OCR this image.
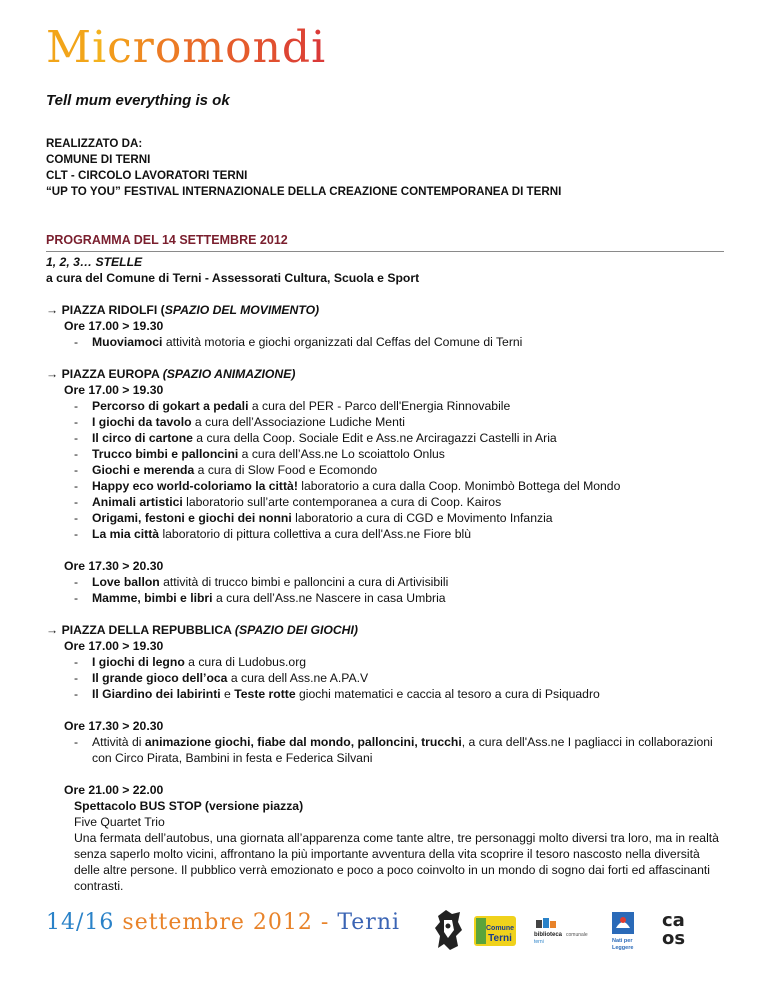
Micromondi
Tell mum everything is ok
REALIZZATO DA:
COMUNE DI TERNI
CLT - CIRCOLO LAVORATORI TERNI
“UP TO YOU” FESTIVAL INTERNAZIONALE DELLA CREAZIONE CONTEMPORANEA DI TERNI
PROGRAMMA DEL 14 SETTEMBRE 2012
1, 2, 3… STELLE
a cura del Comune di Terni - Assessorati Cultura, Scuola e Sport
→ PIAZZA RIDOLFI (SPAZIO DEL MOVIMENTO)
Ore 17.00 > 19.30
- Muoviamoci attività motoria e giochi organizzati dal Ceffas del Comune di Terni
→ PIAZZA EUROPA (SPAZIO ANIMAZIONE)
Ore 17.00 > 19.30
- Percorso di gokart a pedali a cura del PER - Parco dell'Energia Rinnovabile
- I giochi da tavolo a cura dell’Associazione Ludiche Menti
- Il circo di cartone a cura della Coop. Sociale Edit e Ass.ne Arciragazzi Castelli in Aria
- Trucco bimbi e palloncini a cura dell’Ass.ne Lo scoiattolo Onlus
- Giochi e merenda a cura di Slow Food e Ecomondo
- Happy eco world-coloriamo la città! laboratorio a cura dalla Coop. Monimbò Bottega del Mondo
- Animali artistici laboratorio sull’arte contemporanea a cura di Coop. Kairos
- Origami, festoni e giochi dei nonni laboratorio a cura di CGD e Movimento Infanzia
- La mia città laboratorio di pittura collettiva a cura dell'Ass.ne Fiore blù
Ore 17.30 > 20.30
- Love ballon attività di trucco bimbi e palloncini a cura di Artivisibili
- Mamme, bimbi e libri a cura dell’Ass.ne Nascere in casa Umbria
→ PIAZZA DELLA REPUBBLICA (SPAZIO DEI GIOCHI)
Ore 17.00 > 19.30
- I giochi di legno a cura di Ludobus.org
- Il grande gioco dell’oca a cura dell Ass.ne A.PA.V
- Il Giardino dei labirinti e Teste rotte giochi matematici e caccia al tesoro a cura di Psiquadro
Ore 17.30 > 20.30
- Attività di animazione giochi, fiabe dal mondo, palloncini, trucchi, a cura dell'Ass.ne I pagliacci in collaborazioni con Circo Pirata, Bambini in festa e Federica Silvani
Ore 21.00 > 22.00
Spettacolo BUS STOP (versione piazza)
Five Quartet Trio
Una fermata dell’autobus, una giornata all’apparenza come tante altre, tre personaggi molto diversi tra loro, ma in realtà senza saperlo molto vicini, affrontano la più importante avventura della vita scoprire il tesoro nascosto nella diversità delle altre persone. Il pubblico verrà emozionato e poco a poco coinvolto in un mondo di sogno dai forti ed affascinanti contrasti.
14/16 settembre 2012 - Terni	Comune
Terni	biblioteca comunale
terni	Nati per
Leggere
ca
os
